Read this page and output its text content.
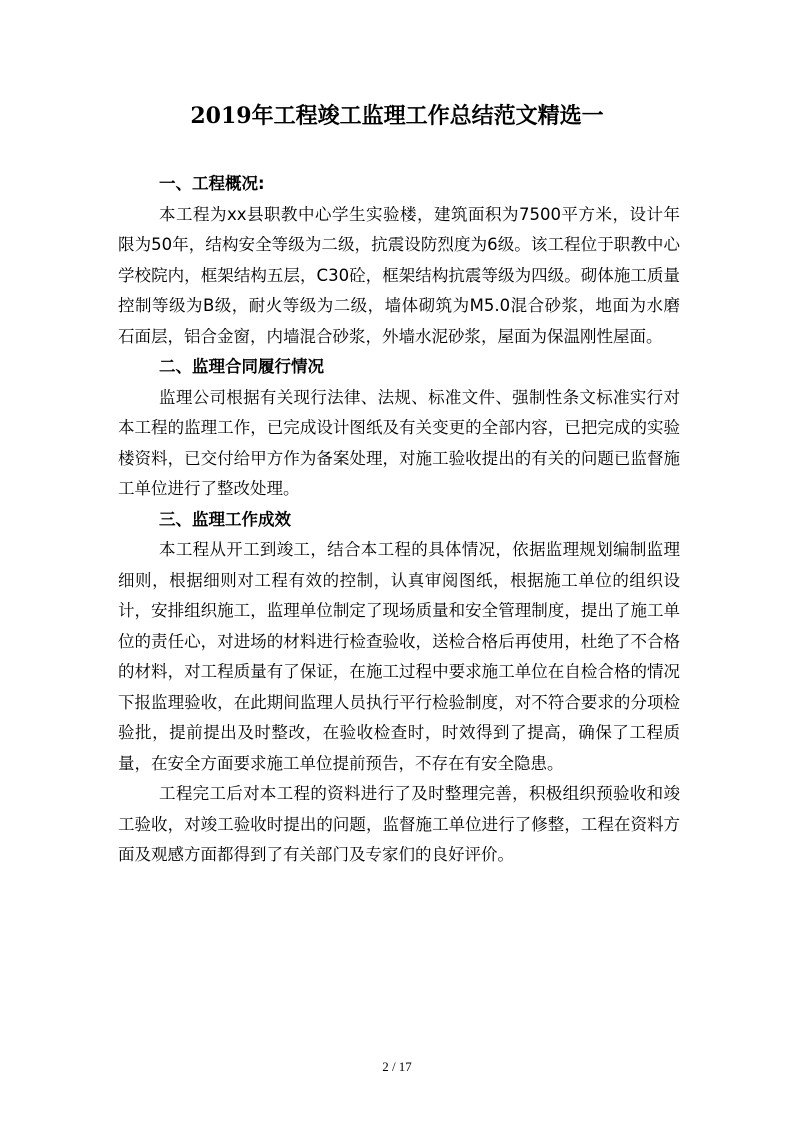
2019年工程竣工监理工作总结范文精选一

一、工程概况:

本工程为xx县职教中心学生实验楼，建筑面积为7500平方米，设计年限为50年，结构安全等级为二级，抗震设防烈度为6级。该工程位于职教中心学校院内，框架结构五层，C30砼，框架结构抗震等级为四级。砌体施工质量控制等级为B级，耐火等级为二级，墙体砌筑为M5.0混合砂浆，地面为水磨石面层，铝合金窗，内墙混合砂浆，外墙水泥砂浆，屋面为保温刚性屋面。

二、监理合同履行情况

监理公司根据有关现行法律、法规、标准文件、强制性条文标准实行对本工程的监理工作，已完成设计图纸及有关变更的全部内容，已把完成的实验楼资料，已交付给甲方作为备案处理，对施工验收提出的有关的问题已监督施工单位进行了整改处理。

三、监理工作成效

本工程从开工到竣工，结合本工程的具体情况，依据监理规划编制监理细则，根据细则对工程有效的控制，认真审阅图纸，根据施工单位的组织设计，安排组织施工，监理单位制定了现场质量和安全管理制度，提出了施工单位的责任心，对进场的材料进行检查验收，送检合格后再使用，杜绝了不合格的材料，对工程质量有了保证，在施工过程中要求施工单位在自检合格的情况下报监理验收，在此期间监理人员执行平行检验制度，对不符合要求的分项检验批，提前提出及时整改，在验收检查时，时效得到了提高，确保了工程质量，在安全方面要求施工单位提前预告，不存在有安全隐患。

工程完工后对本工程的资料进行了及时整理完善，积极组织预验收和竣工验收，对竣工验收时提出的问题，监督施工单位进行了修整，工程在资料方面及观感方面都得到了有关部门及专家们的良好评价。

2 / 17
